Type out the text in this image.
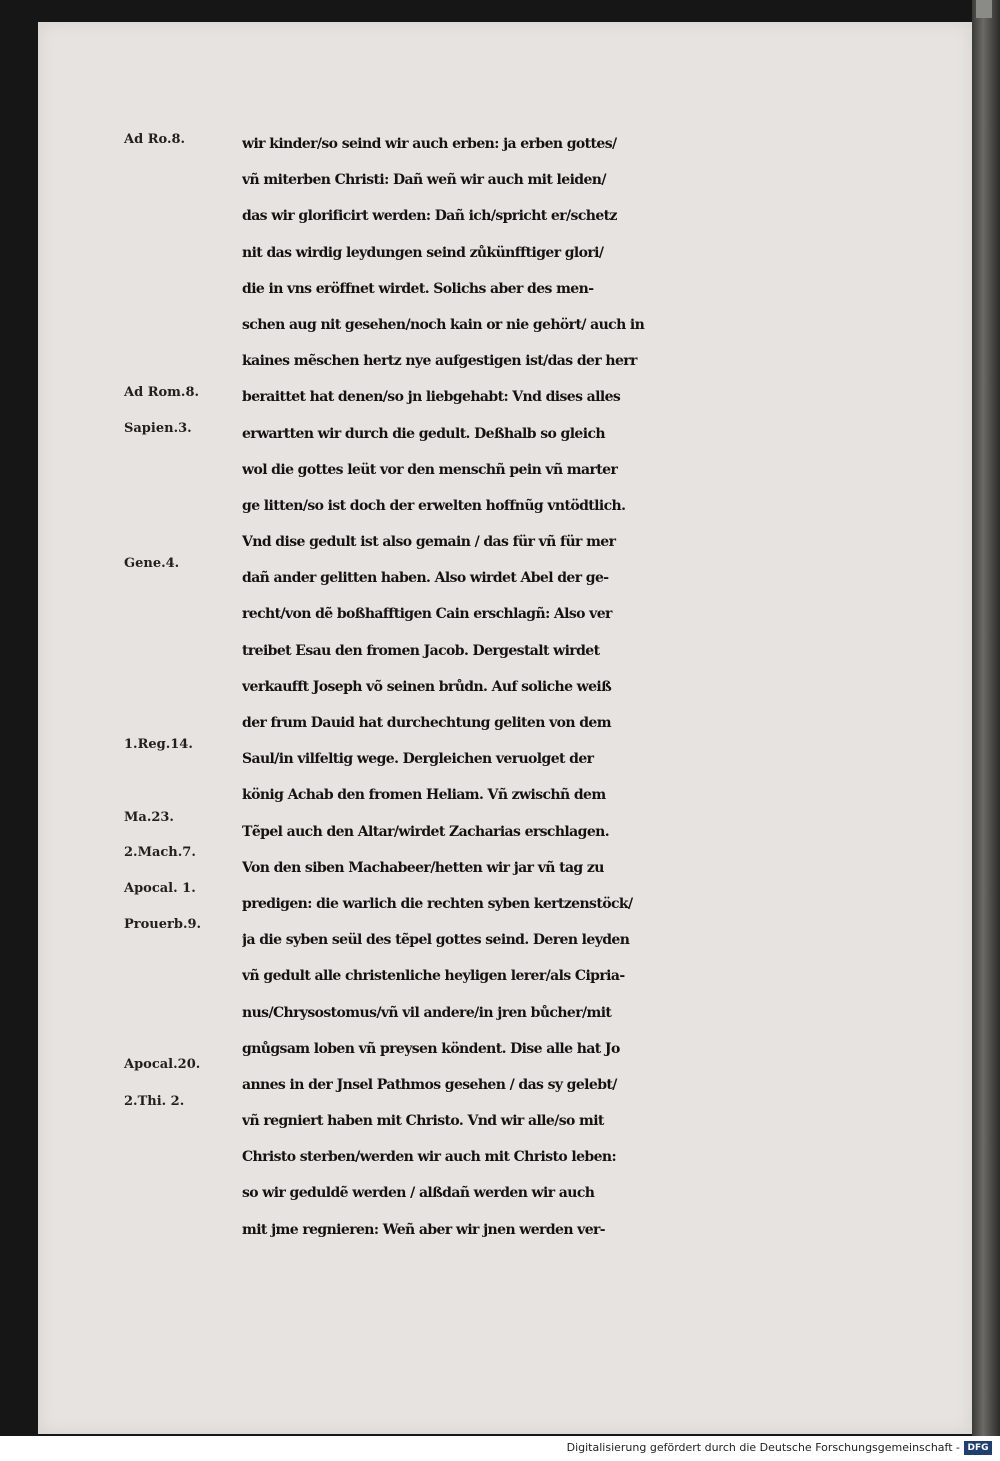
Ad Ro.8.
Ad Rom.8.
Sapien.3.
Gene.4.
1.Reg.14.
Ma.23.
2.Mach.7.
Apocal. 1.
Prouerb.9.
Apocal.20.
2.Thi. 2.
wir kinder/so seind wir auch erben: ja erben gottes/
vñ miterben Christi: Dañ weñ wir auch mit leiden/
das wir glorificirt werden: Dañ ich/spricht er/schetz
nit das wirdig leydungen seind zůkünfftiger glori/
die in vns eröffnet wirdet. Solichs aber des men-
schen aug nit gesehen/noch kain or nie gehört/ auch in
kaines mẽschen hertz nye aufgestigen ist/das der herr
beraittet hat denen/so jn liebgehabt: Vnd dises alles
erwartten wir durch die gedult. Deßhalb so gleich
wol die gottes leüt vor den menschñ pein vñ marter
ge litten/so ist doch der erwelten hoffnũg vntödtlich.
Vnd dise gedult ist also gemain / das für vñ für mer
dañ ander gelitten haben. Also wirdet Abel der ge-
recht/von dẽ boßhafftigen Cain erschlagñ: Also ver
treibet Esau den fromen Jacob. Dergestalt wirdet
verkaufft Joseph võ seinen brůdn. Auf soliche weiß
der frum Dauid hat durchechtung geliten von dem
Saul/in vilfeltig wege. Dergleichen veruolget der
könig Achab den fromen Heliam. Vñ zwischñ dem
Tẽpel auch den Altar/wirdet Zacharias erschlagen.
Von den siben Machabeer/hetten wir jar vñ tag zu
predigen: die warlich die rechten syben kertzenstöck/
ja die syben seül des tẽpel gottes seind. Deren leyden
vñ gedult alle christenliche heyligen lerer/als Cipria-
nus/Chrysostomus/vñ vil andere/in jren bůcher/mit
gnůgsam loben vñ preysen köndent. Dise alle hat Jo
annes in der Jnsel Pathmos gesehen / das sy gelebt/
vñ regniert haben mit Christo. Vnd wir alle/so mit
Christo sterben/werden wir auch mit Christo leben:
so wir geduldẽ werden / alßdañ werden wir auch
mit jme regnieren: Weñ aber wir jnen werden ver-
Digitalisierung gefördert durch die Deutsche Forschungsgemeinschaft - DFG
